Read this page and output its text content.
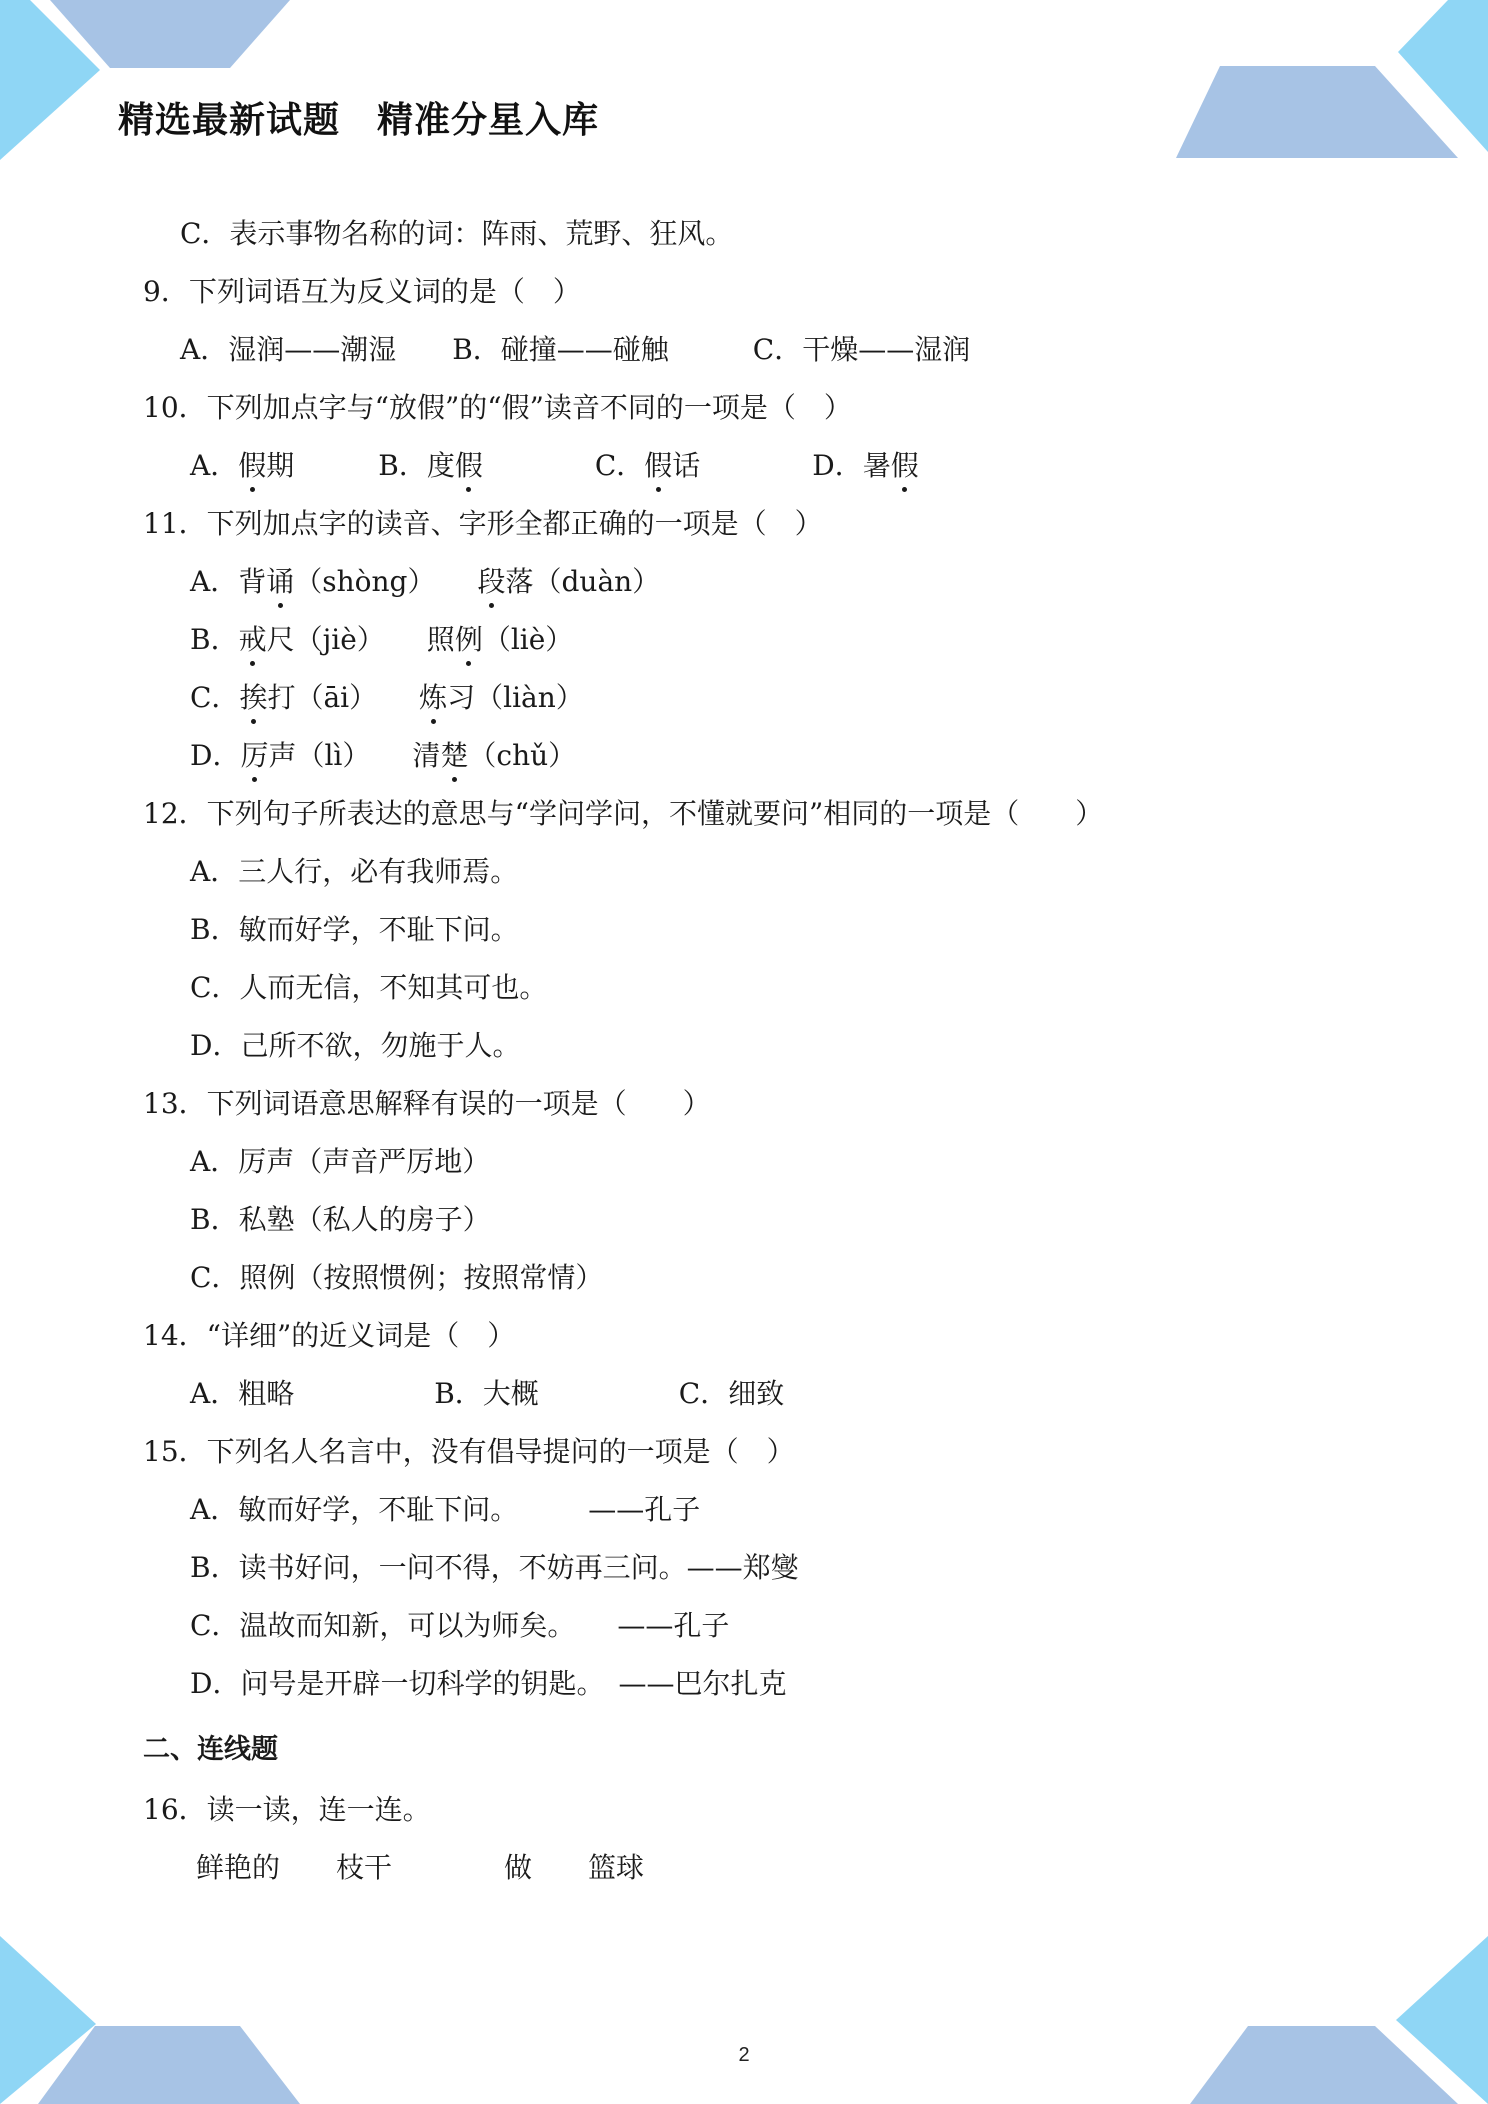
精选最新试题　精准分星入库
C．表示事物名称的词：阵雨、荒野、狂风。
9．下列词语互为反义词的是（　）
A．湿润——潮湿　　B．碰撞——碰触　　　C．干燥——湿润
10．下列加点字与“放假”的“假”读音不同的一项是（　）
A．假期　　　B．度假　　　　C．假话　　　　D．暑假
11．下列加点字的读音、字形全都正确的一项是（　）
A．背诵（shòng）　　段落（duàn）
B．戒尺（jiè）　　照例（liè）
C．挨打（āi）　　炼习（liàn）
D．厉声（lì）　　清楚（chǔ）
12．下列句子所表达的意思与“学问学问，不懂就要问”相同的一项是（　　）
A．三人行，必有我师焉。
B．敏而好学，不耻下问。
C．人而无信，不知其可也。
D．己所不欲，勿施于人。
13．下列词语意思解释有误的一项是（　　）
A．厉声（声音严厉地）
B．私塾（私人的房子）
C．照例（按照惯例；按照常情）
14．“详细”的近义词是（　）
A．粗略　　　　　B．大概　　　　　C．细致
15．下列名人名言中，没有倡导提问的一项是（　）
A．敏而好学，不耻下问。　　　——孔子
B．读书好问，一问不得，不妨再三问。——郑燮
C．温故而知新，可以为师矣。　　——孔子
D．问号是开辟一切科学的钥匙。　——巴尔扎克
二、连线题
16．读一读，连一连。
鲜艳的　　枝干　　　　做　　篮球
2
